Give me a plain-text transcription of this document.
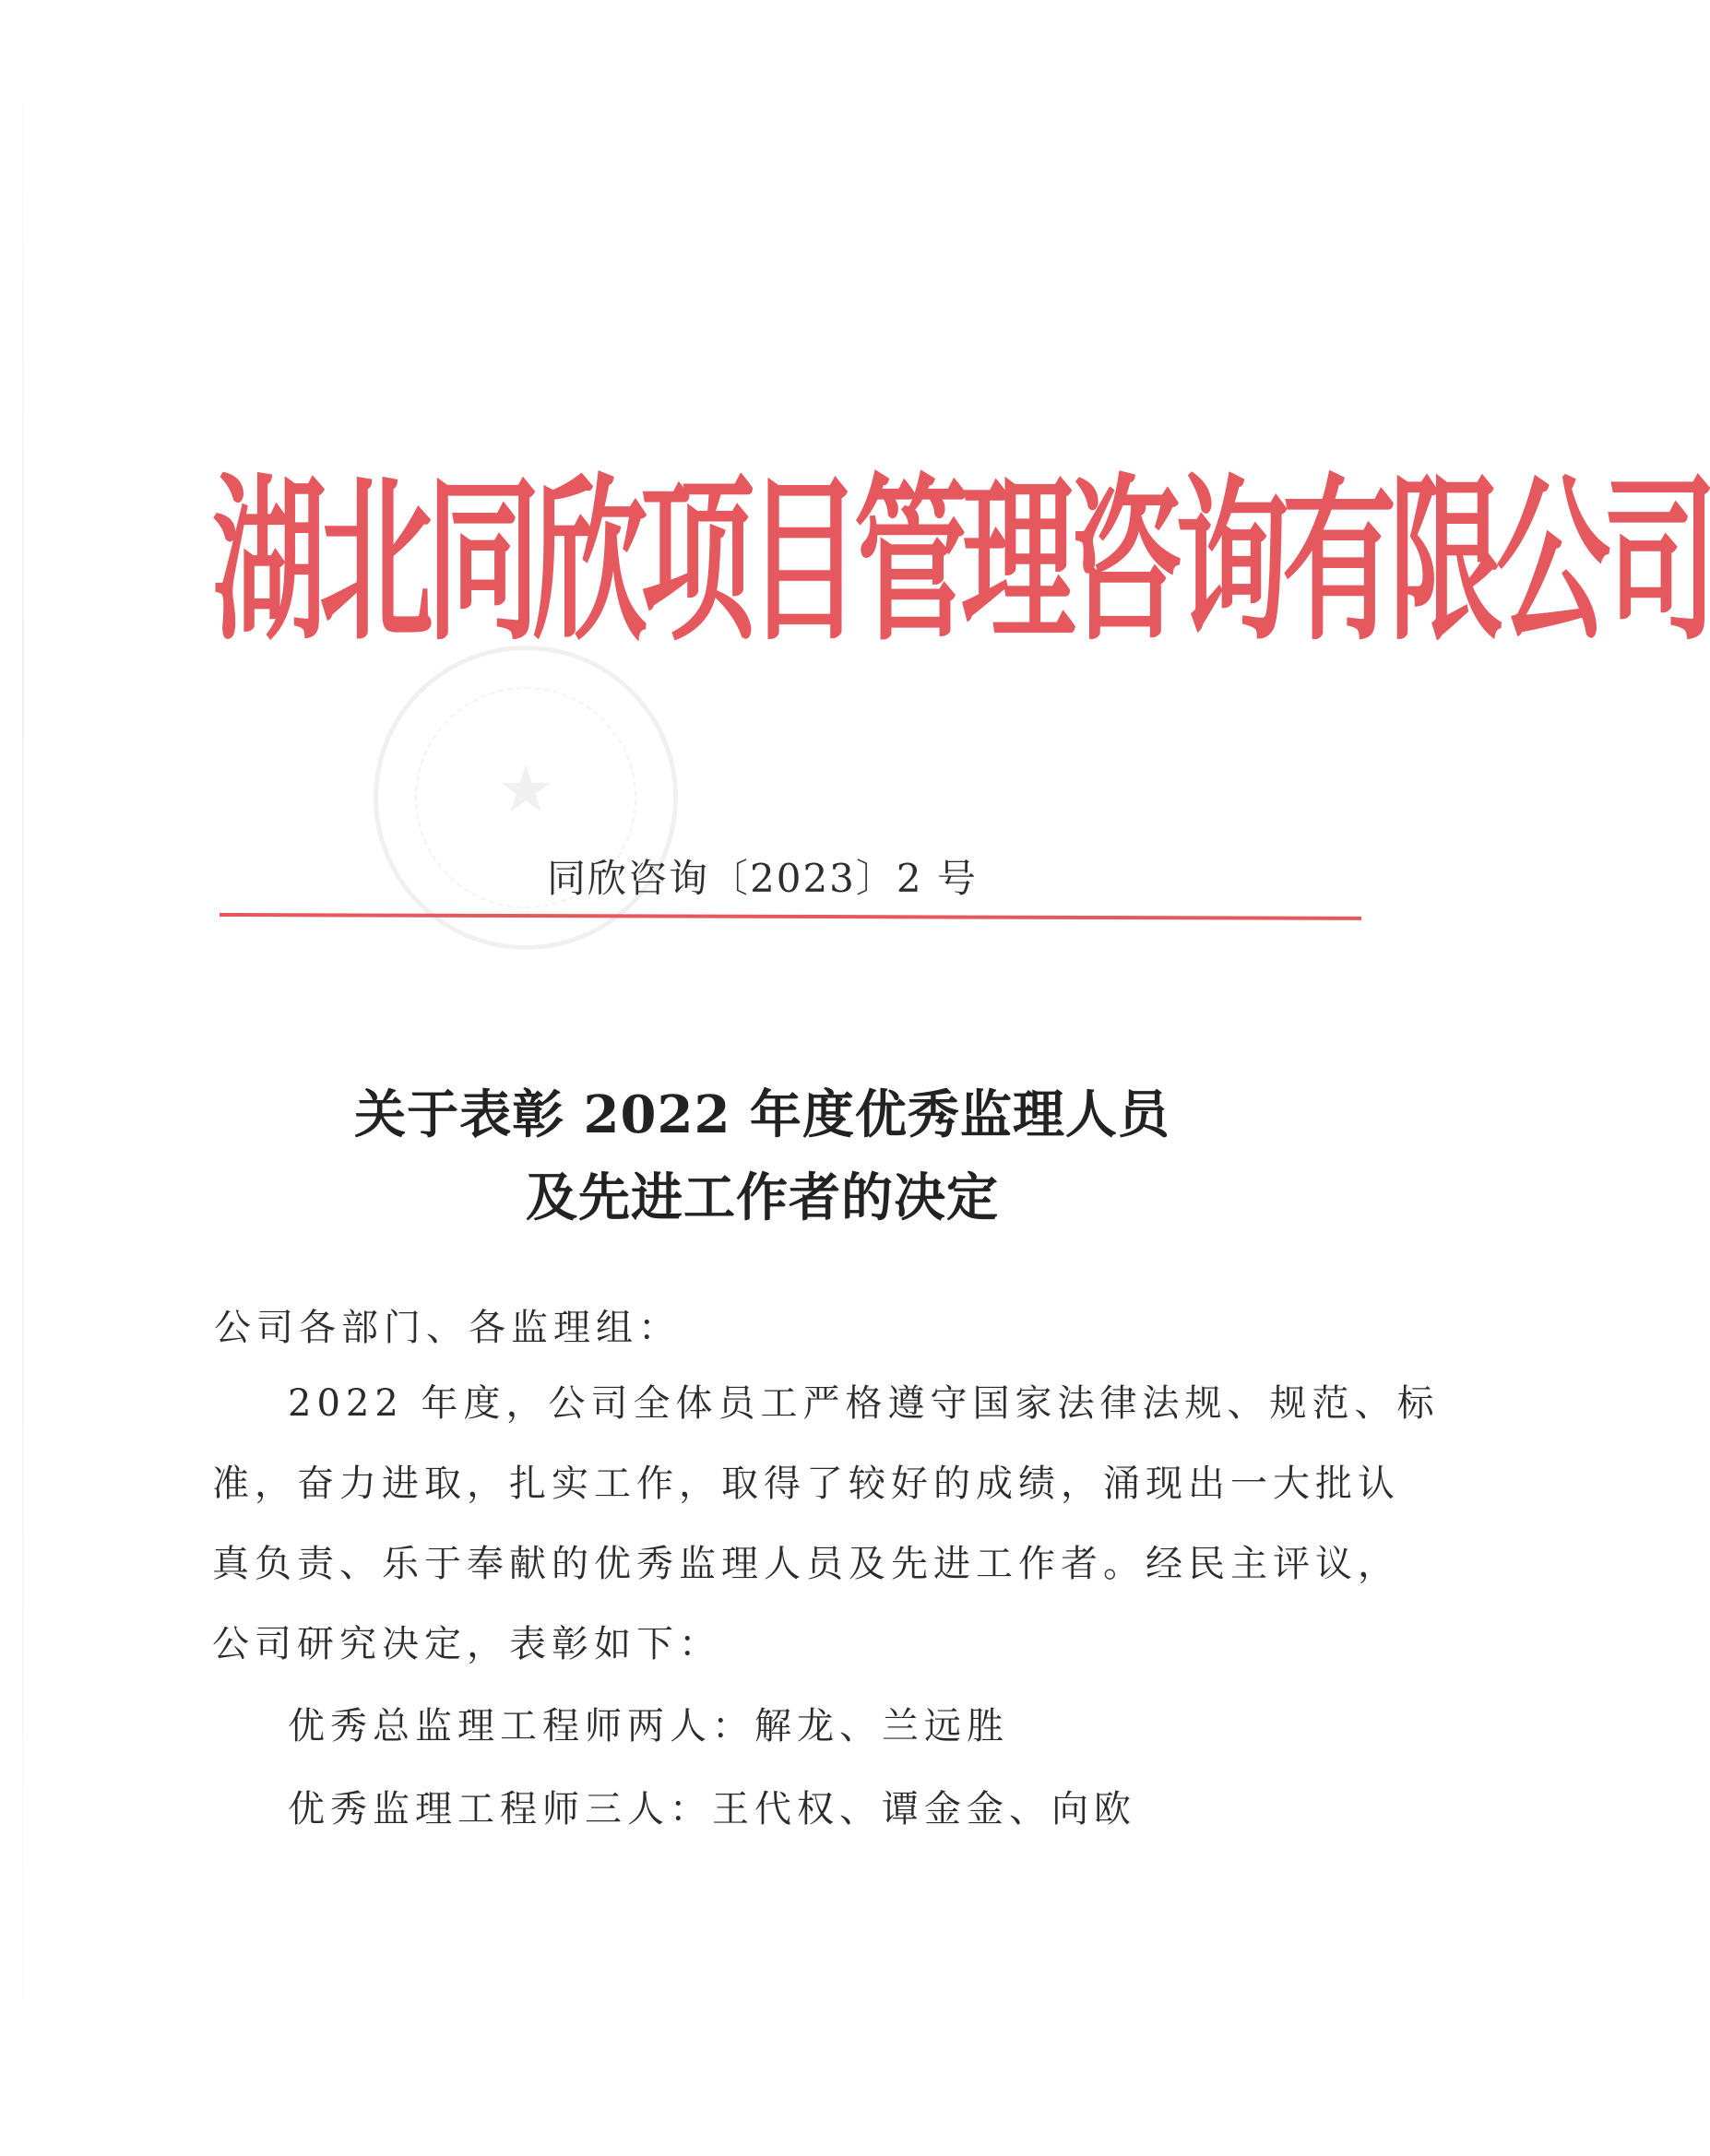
湖北同欣项目管理咨询有限公司
★
同欣咨询〔2023〕2 号
关于表彰 2022 年度优秀监理人员
及先进工作者的决定
公司各部门、各监理组：
2022 年度，公司全体员工严格遵守国家法律法规、规范、标
准，奋力进取，扎实工作，取得了较好的成绩，涌现出一大批认
真负责、乐于奉献的优秀监理人员及先进工作者。经民主评议，
公司研究决定，表彰如下：
优秀总监理工程师两人：解龙、兰远胜
优秀监理工程师三人：王代权、谭金金、向欧
